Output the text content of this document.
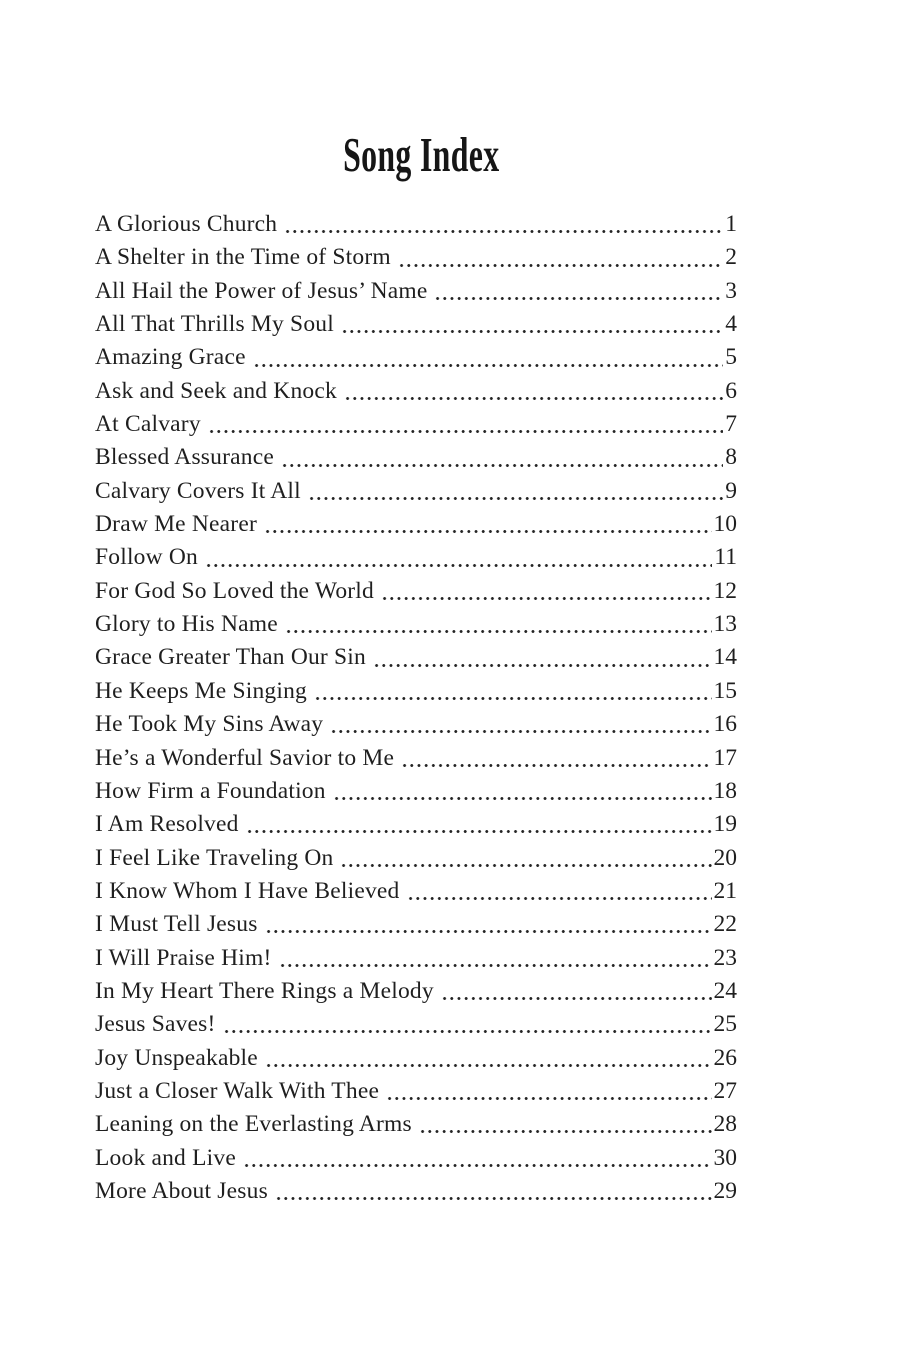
Song Index
A Glorious Church	1
A Shelter in the Time of Storm	2
All Hail the Power of Jesus’ Name	3
All That Thrills My Soul	4
Amazing Grace	5
Ask and Seek and Knock	6
At Calvary	7
Blessed Assurance	8
Calvary Covers It All	9
Draw Me Nearer	10
Follow On	11
For God So Loved the World	12
Glory to His Name	13
Grace Greater Than Our Sin	14
He Keeps Me Singing	15
He Took My Sins Away	16
He’s a Wonderful Savior to Me	17
How Firm a Foundation	18
I Am Resolved	19
I Feel Like Traveling On	20
I Know Whom I Have Believed	21
I Must Tell Jesus	22
I Will Praise Him!	23
In My Heart There Rings a Melody	24
Jesus Saves!	25
Joy Unspeakable	26
Just a Closer Walk With Thee	27
Leaning on the Everlasting Arms	28
Look and Live	30
More About Jesus	29
